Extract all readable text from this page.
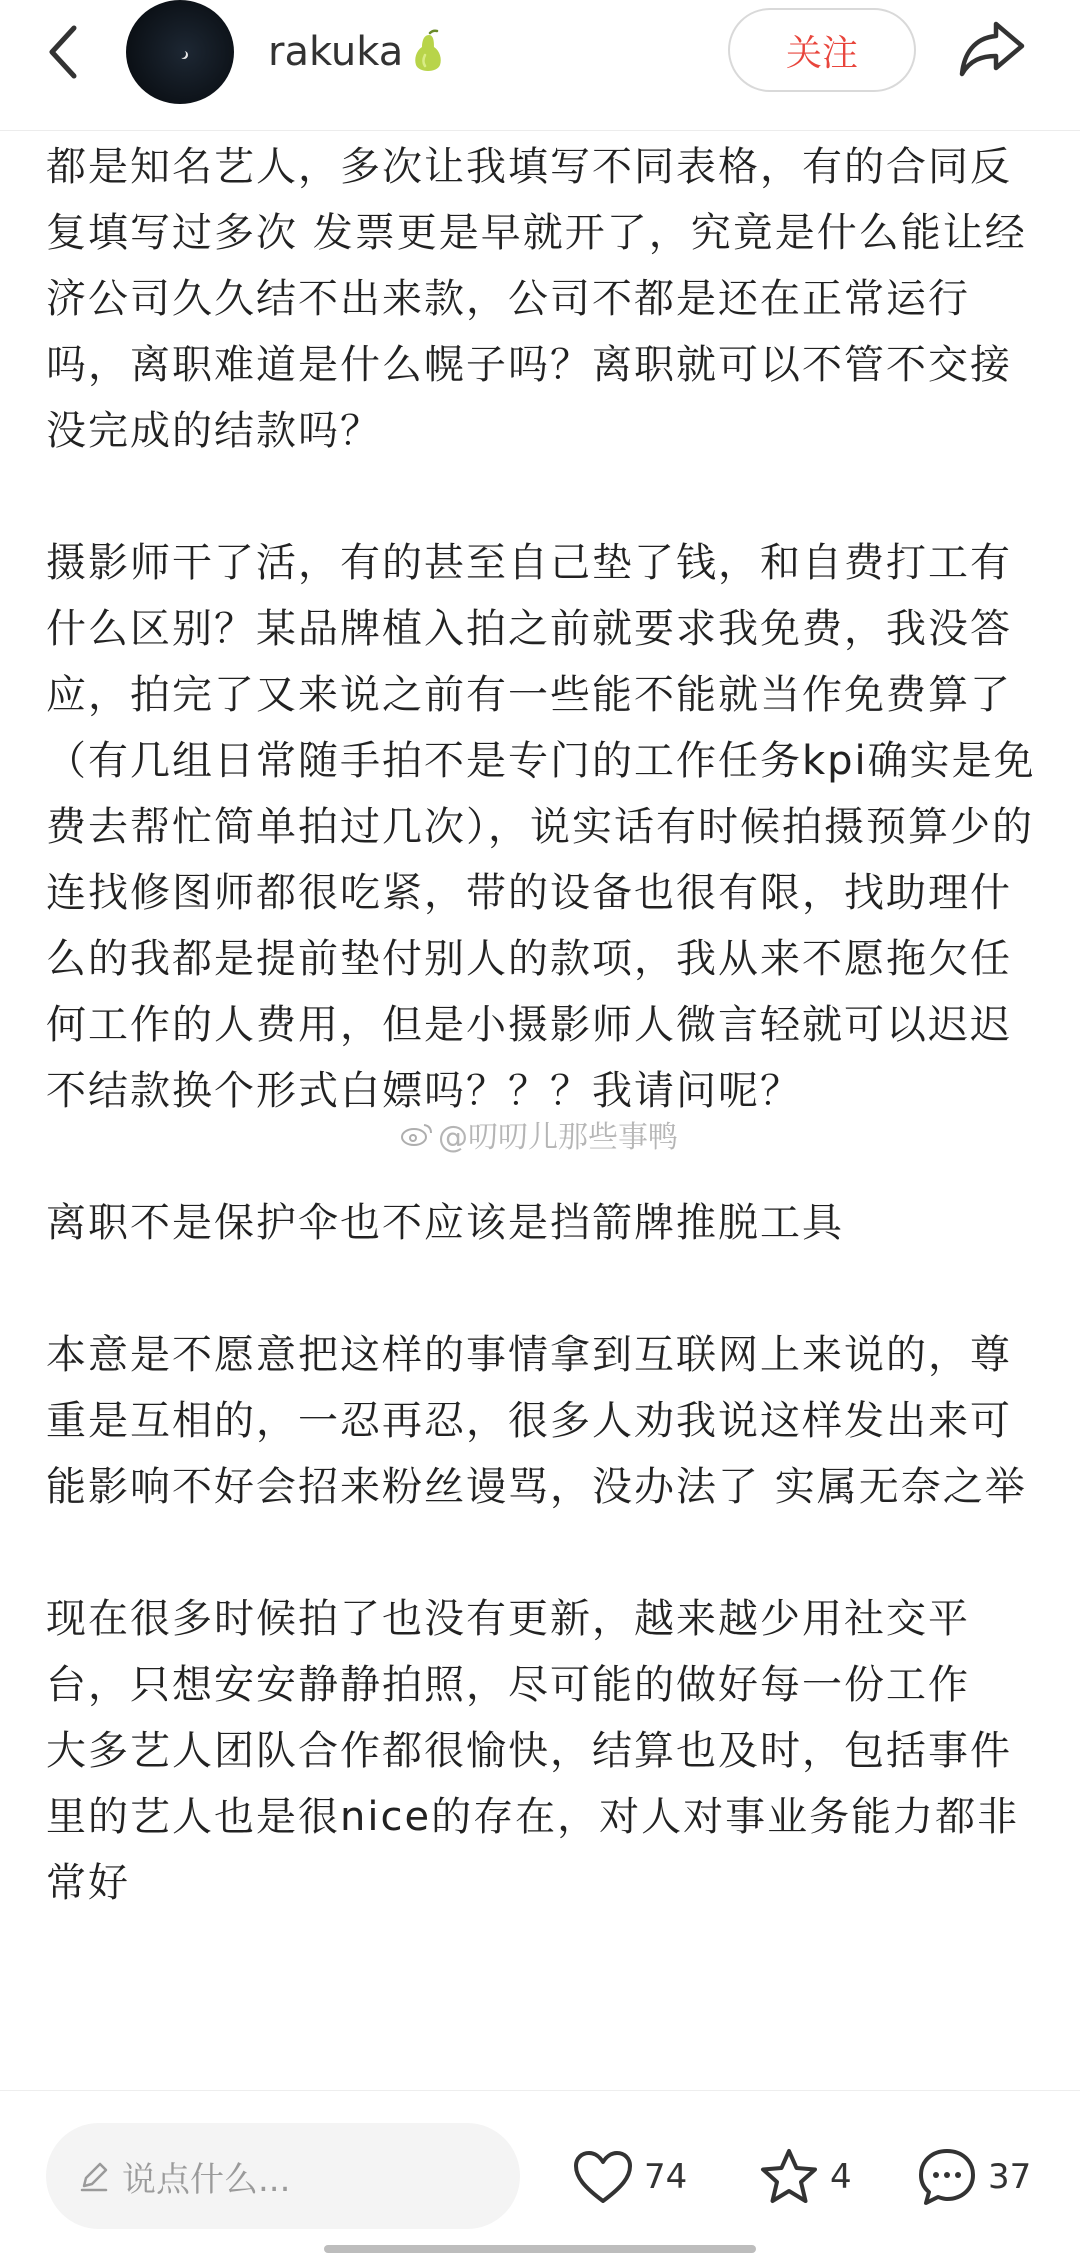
rakuka	关注

都是知名艺人，多次让我填写不同表格，有的合同反复填写过多次 发票更是早就开了，究竟是什么能让经济公司久久结不出来款，公司不都是还在正常运行吗，离职难道是什么幌子吗？离职就可以不管不交接没完成的结款吗？

摄影师干了活，有的甚至自己垫了钱，和自费打工有什么区别？某品牌植入拍之前就要求我免费，我没答应，拍完了又来说之前有一些能不能就当作免费算了（有几组日常随手拍不是专门的工作任务kpi确实是免费去帮忙简单拍过几次），说实话有时候拍摄预算少的连找修图师都很吃紧，带的设备也很有限，找助理什么的我都是提前垫付别人的款项，我从来不愿拖欠任何工作的人费用，但是小摄影师人微言轻就可以迟迟不结款换个形式白嫖吗？？？我请问呢？

离职不是保护伞也不应该是挡箭牌推脱工具

本意是不愿意把这样的事情拿到互联网上来说的，尊重是互相的，一忍再忍，很多人劝我说这样发出来可能影响不好会招来粉丝谩骂，没办法了 实属无奈之举

现在很多时候拍了也没有更新，越来越少用社交平台，只想安安静静拍照，尽可能的做好每一份工作

大多艺人团队合作都很愉快，结算也及时，包括事件里的艺人也是很nice的存在，对人对事业务能力都非常好

@叨叨儿那些事鸭
说点什么...	74	4	37
